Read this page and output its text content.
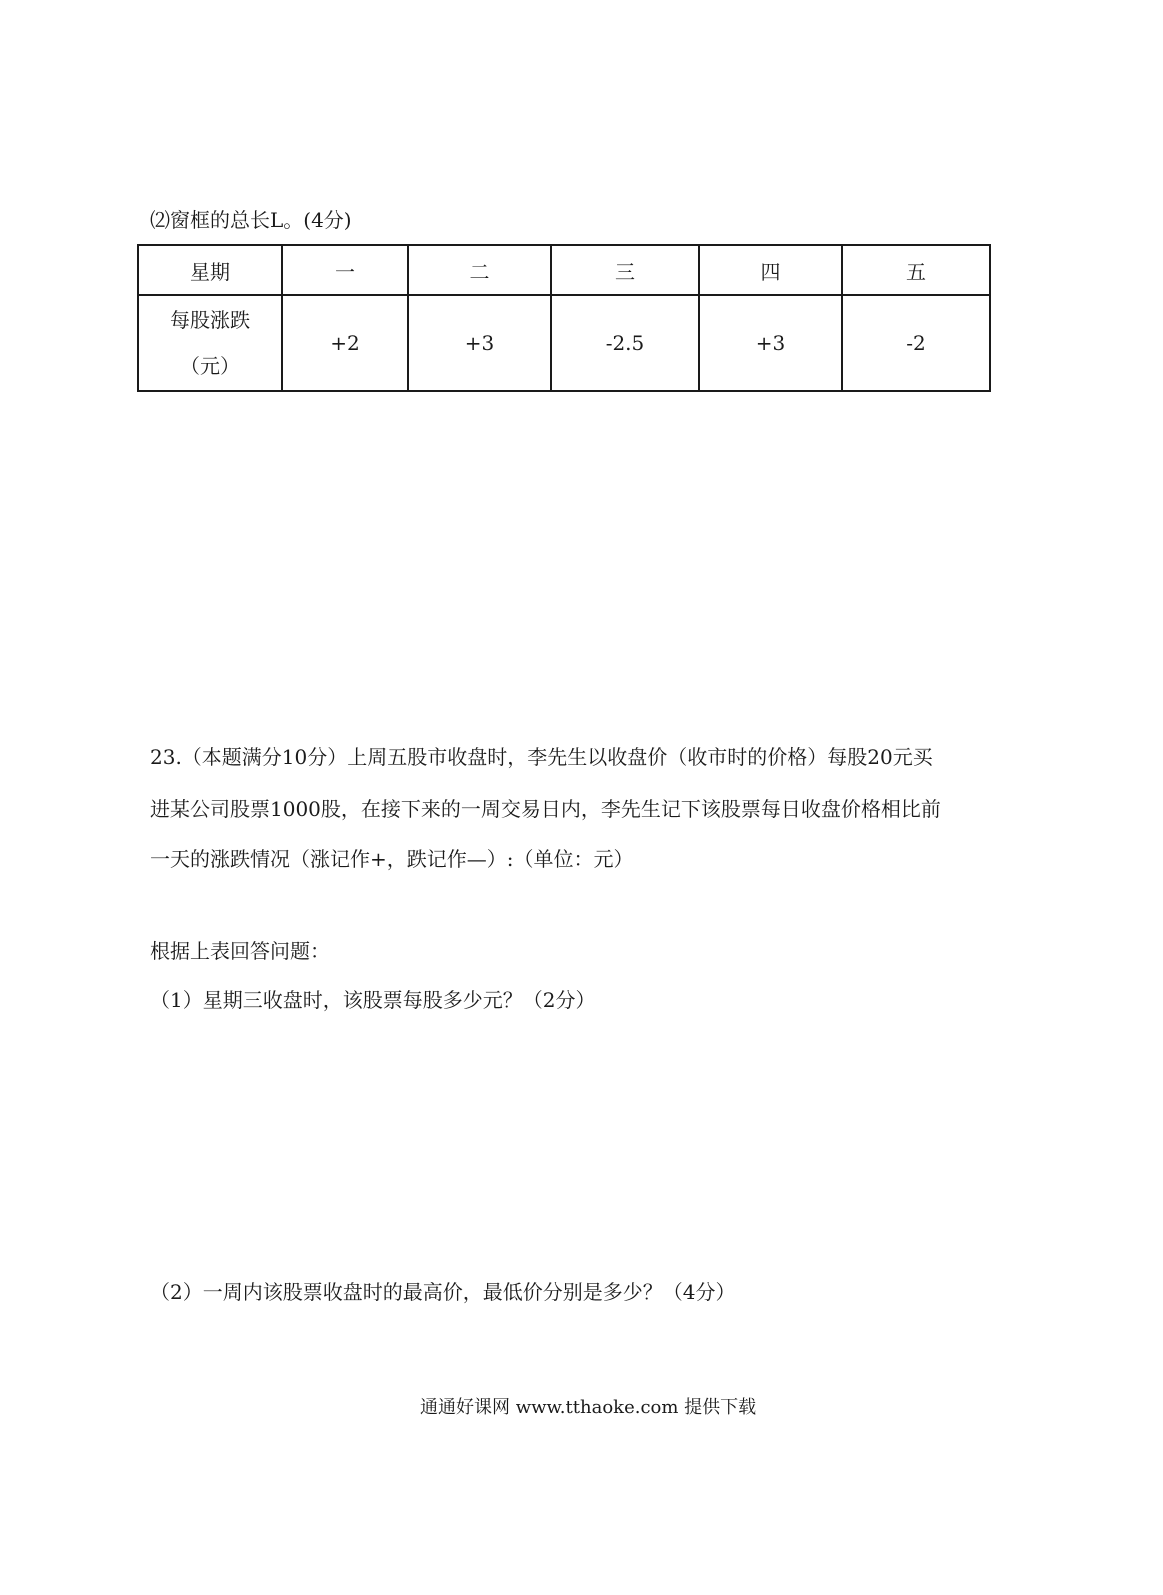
⑵窗框的总长L。(4分)
星期	一	二	三	四	五

每股涨跌
（元）	+2	+3	-2.5	+3	-2
23.（本题满分10分）上周五股市收盘时，李先生以收盘价（收市时的价格）每股20元买
进某公司股票1000股，在接下来的一周交易日内，李先生记下该股票每日收盘价格相比前
一天的涨跌情况（涨记作+，跌记作—）:（单位：元）
根据上表回答问题：
（1）星期三收盘时，该股票每股多少元？（2分）
（2）一周内该股票收盘时的最高价，最低价分别是多少？（4分）
通通好课网 www.tthaoke.com 提供下载
